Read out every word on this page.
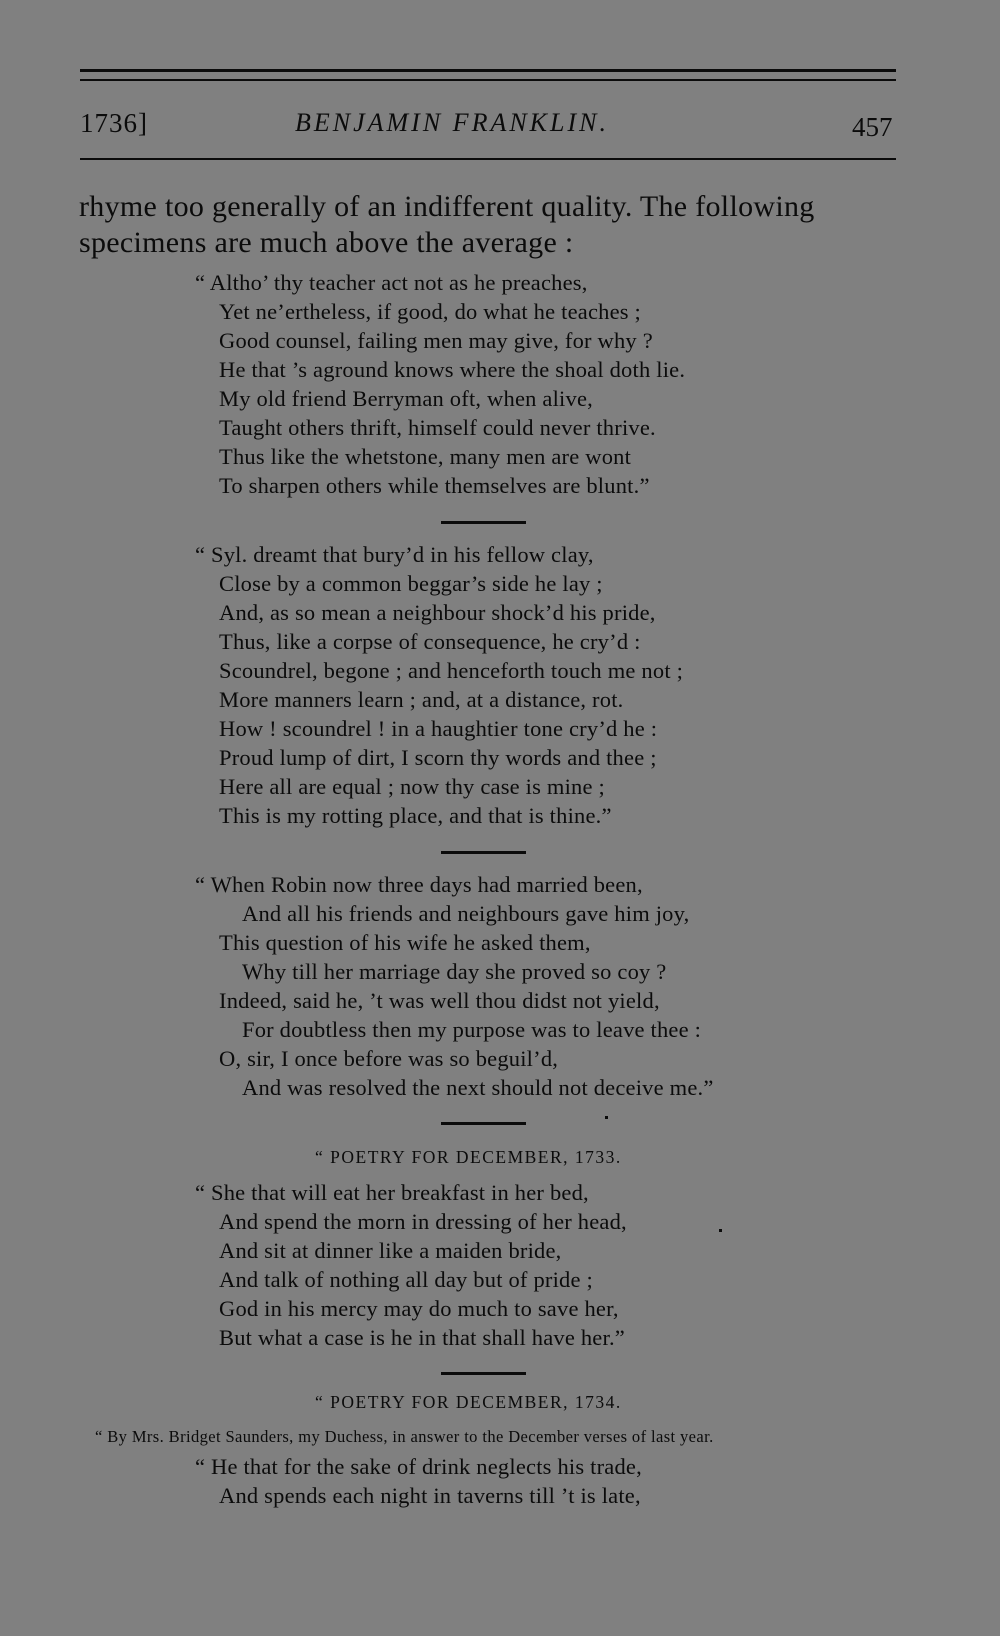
1736]	BENJAMIN FRANKLIN.	457
rhyme too generally of an indifferent quality. The following
specimens are much above the average :
“ Altho’ thy teacher act not as he preaches,
Yet ne’ertheless, if good, do what he teaches ;
Good counsel, failing men may give, for why ?
He that ’s aground knows where the shoal doth lie.
My old friend Berryman oft, when alive,
Taught others thrift, himself could never thrive.
Thus like the whetstone, many men are wont
To sharpen others while themselves are blunt.”
“ Syl. dreamt that bury’d in his fellow clay,
Close by a common beggar’s side he lay ;
And, as so mean a neighbour shock’d his pride,
Thus, like a corpse of consequence, he cry’d :
Scoundrel, begone ; and henceforth touch me not ;
More manners learn ; and, at a distance, rot.
How ! scoundrel ! in a haughtier tone cry’d he :
Proud lump of dirt, I scorn thy words and thee ;
Here all are equal ; now thy case is mine ;
This is my rotting place, and that is thine.”
“ When Robin now three days had married been,
And all his friends and neighbours gave him joy,
This question of his wife he asked them,
Why till her marriage day she proved so coy ?
Indeed, said he, ’t was well thou didst not yield,
For doubtless then my purpose was to leave thee :
O, sir, I once before was so beguil’d,
And was resolved the next should not deceive me.”
“ POETRY FOR DECEMBER, 1733.
“ She that will eat her breakfast in her bed,
And spend the morn in dressing of her head,
And sit at dinner like a maiden bride,
And talk of nothing all day but of pride ;
God in his mercy may do much to save her,
But what a case is he in that shall have her.”
“ POETRY FOR DECEMBER, 1734.
“ By Mrs. Bridget Saunders, my Duchess, in answer to the December verses of last year.
“ He that for the sake of drink neglects his trade,
And spends each night in taverns till ’t is late,
